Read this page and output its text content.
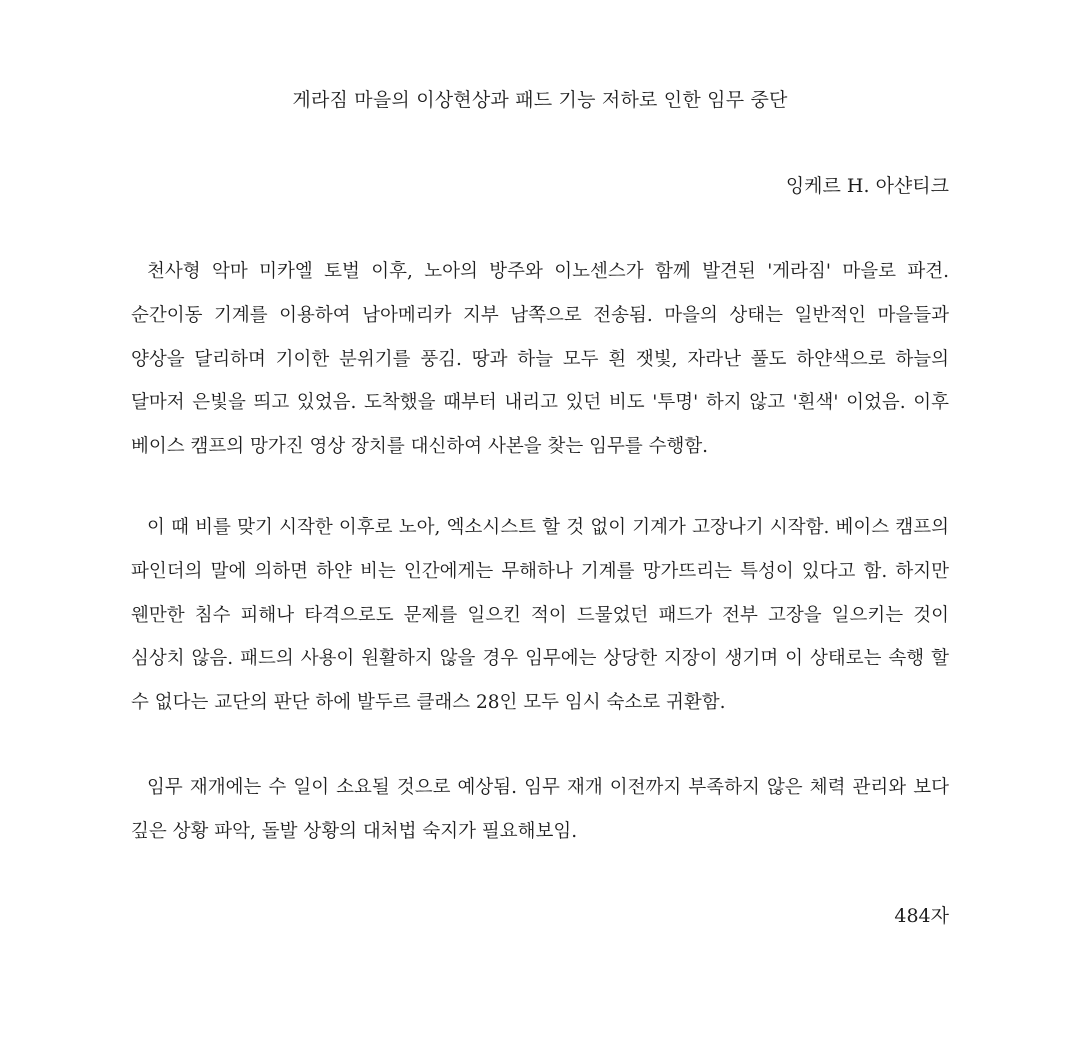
게라짐 마을의 이상현상과 패드 기능 저하로 인한 임무 중단
잉케르 H. 아샨티크

천사형 악마 미카엘 토벌 이후, 노아의 방주와 이노센스가 함께 발견된 '게라짐' 마을로 파견. 순간이동 기계를 이용하여 남아메리카 지부 남쪽으로 전송됨. 마을의 상태는 일반적인 마을들과 양상을 달리하며 기이한 분위기를 풍김. 땅과 하늘 모두 흰 잿빛, 자라난 풀도 하얀색으로 하늘의 달마저 은빛을 띄고 있었음. 도착했을 때부터 내리고 있던 비도 '투명' 하지 않고 '흰색' 이었음. 이후 베이스 캠프의 망가진 영상 장치를 대신하여 사본을 찾는 임무를 수행함.

이 때 비를 맞기 시작한 이후로 노아, 엑소시스트 할 것 없이 기계가 고장나기 시작함. 베이스 캠프의 파인더의 말에 의하면 하얀 비는 인간에게는 무해하나 기계를 망가뜨리는 특성이 있다고 함. 하지만 웬만한 침수 피해나 타격으로도 문제를 일으킨 적이 드물었던 패드가 전부 고장을 일으키는 것이 심상치 않음. 패드의 사용이 원활하지 않을 경우 임무에는 상당한 지장이 생기며 이 상태로는 속행 할 수 없다는 교단의 판단 하에 발두르 클래스 28인 모두 임시 숙소로 귀환함.

임무 재개에는 수 일이 소요될 것으로 예상됨. 임무 재개 이전까지 부족하지 않은 체력 관리와 보다 깊은 상황 파악, 돌발 상황의 대처법 숙지가 필요해보임.

484자
